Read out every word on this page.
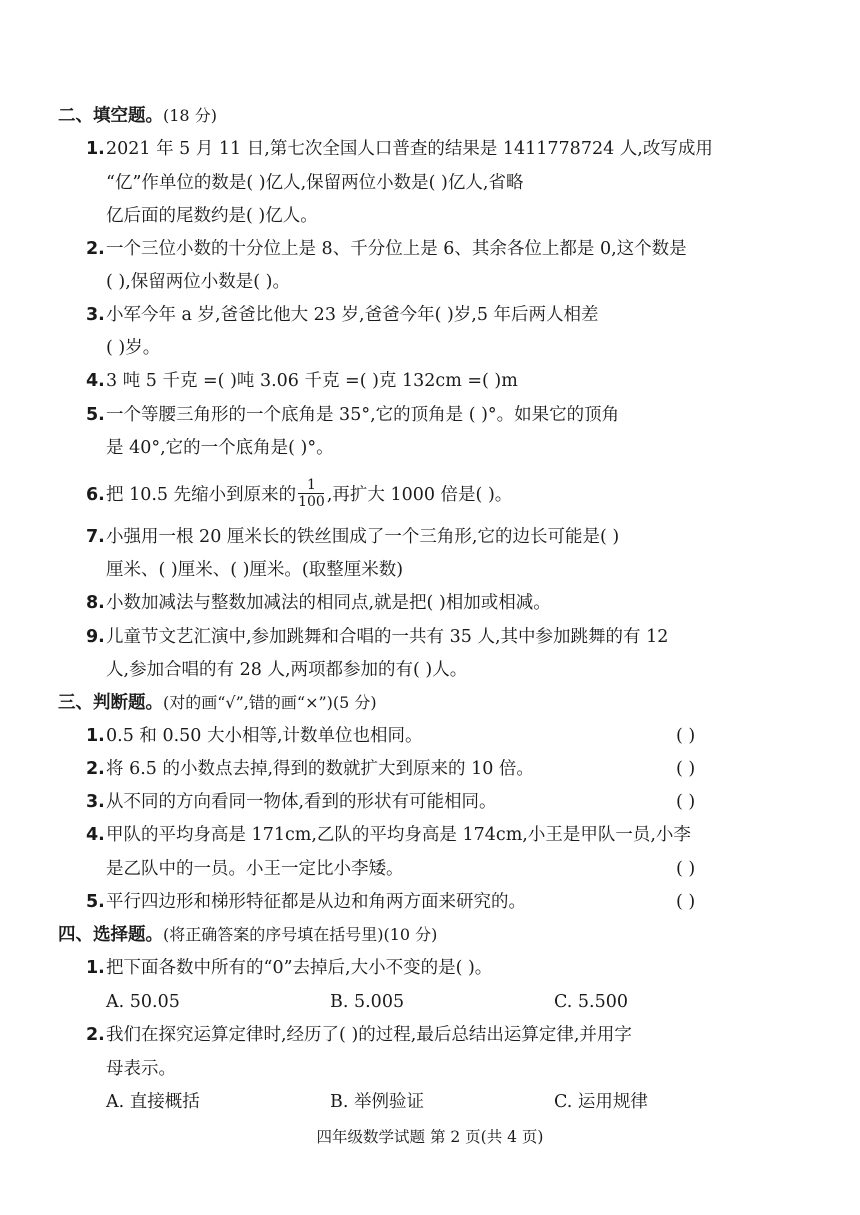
二、填空题。(18 分)
1.2021 年 5 月 11 日,第七次全国人口普查的结果是 1411778724 人,改写成用
“亿”作单位的数是( )亿人,保留两位小数是( )亿人,省略
亿后面的尾数约是( )亿人。
2.一个三位小数的十分位上是 8、千分位上是 6、其余各位上都是 0,这个数是
( ),保留两位小数是( )。
3.小军今年 a 岁,爸爸比他大 23 岁,爸爸今年( )岁,5 年后两人相差
( )岁。
4.3 吨 5 千克 =( )吨 3.06 千克 =( )克 132cm =( )m
5.一个等腰三角形的一个底角是 35°,它的顶角是 ( )°。如果它的顶角
是 40°,它的一个底角是( )°。
6.把 10.5 先缩小到原来的 $\frac{1}{100}$ ,再扩大 1000 倍是( )。
7.小强用一根 20 厘米长的铁丝围成了一个三角形,它的边长可能是( )
厘米、( )厘米、( )厘米。(取整厘米数)
8.小数加减法与整数加减法的相同点,就是把( )相加或相减。
9.儿童节文艺汇演中,参加跳舞和合唱的一共有 35 人,其中参加跳舞的有 12
人,参加合唱的有 28 人,两项都参加的有( )人。
三、判断题。(对的画“√”,错的画“×”)(5 分)
1.0.5 和 0.50 大小相等,计数单位也相同。	( )
2.将 6.5 的小数点去掉,得到的数就扩大到原来的 10 倍。	( )
3.从不同的方向看同一物体,看到的形状有可能相同。	( )
4.甲队的平均身高是 171cm,乙队的平均身高是 174cm,小王是甲队一员,小李
是乙队中的一员。小王一定比小李矮。	( )
5.平行四边形和梯形特征都是从边和角两方面来研究的。	( )
四、选择题。(将正确答案的序号填在括号里)(10 分)
1.把下面各数中所有的“0”去掉后,大小不变的是( )。
A. 50.05	B. 5.005	C. 5.500
2.我们在探究运算定律时,经历了( )的过程,最后总结出运算定律,并用字
母表示。
A. 直接概括	B. 举例验证	C. 运用规律
四年级数学试题 第 2 页(共 4 页)
